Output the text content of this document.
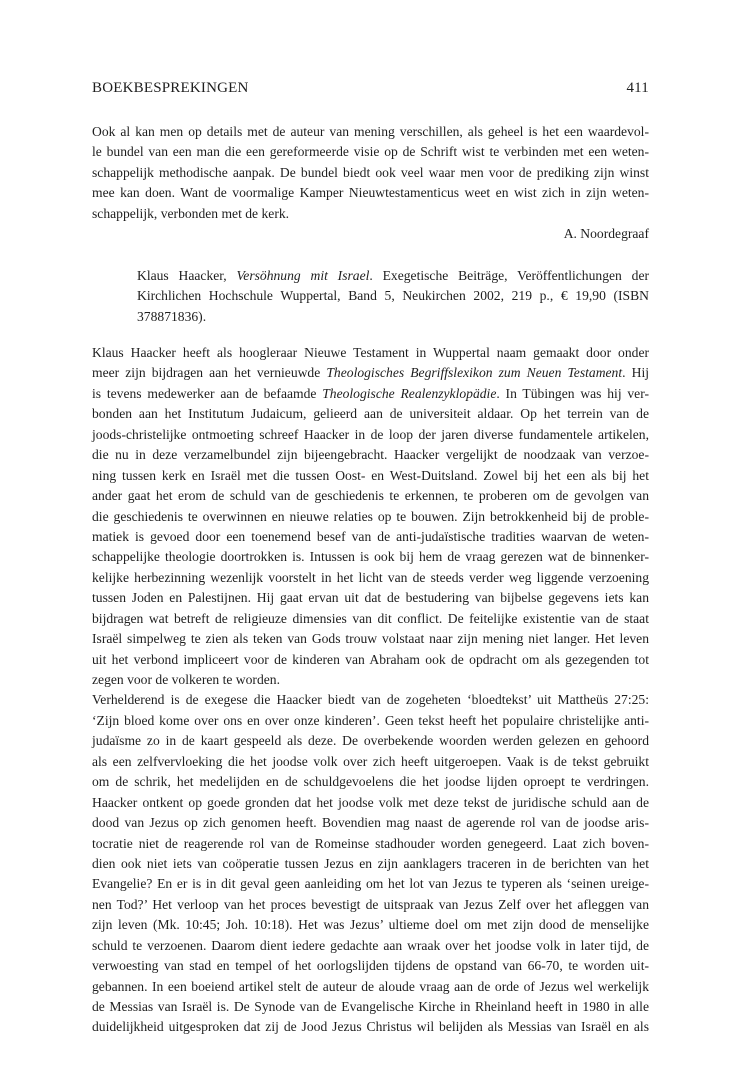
BOEKBESPREKINGEN	411
Ook al kan men op details met de auteur van mening verschillen, als geheel is het een waardevol-
le bundel van een man die een gereformeerde visie op de Schrift wist te verbinden met een weten-
schappelijk methodische aanpak. De bundel biedt ook veel waar men voor de prediking zijn winst
mee kan doen. Want de voormalige Kamper Nieuwtestamenticus weet en wist zich in zijn weten-
schappelijk, verbonden met de kerk.
A. Noordegraaf
Klaus Haacker, Versöhnung mit Israel. Exegetische Beiträge, Veröffentlichungen der
Kirchlichen Hochschule Wuppertal, Band 5, Neukirchen 2002, 219 p., € 19,90 (ISBN
378871836).
Klaus Haacker heeft als hoogleraar Nieuwe Testament in Wuppertal naam gemaakt door onder
meer zijn bijdragen aan het vernieuwde Theologisches Begriffslexikon zum Neuen Testament. Hij
is tevens medewerker aan de befaamde Theologische Realenzyklopädie. In Tübingen was hij ver-
bonden aan het Institutum Judaicum, gelieerd aan de universiteit aldaar. Op het terrein van de
joods-christelijke ontmoeting schreef Haacker in de loop der jaren diverse fundamentele artikelen,
die nu in deze verzamelbundel zijn bijeengebracht. Haacker vergelijkt de noodzaak van verzoe-
ning tussen kerk en Israël met die tussen Oost- en West-Duitsland. Zowel bij het een als bij het
ander gaat het erom de schuld van de geschiedenis te erkennen, te proberen om de gevolgen van
die geschiedenis te overwinnen en nieuwe relaties op te bouwen. Zijn betrokkenheid bij de proble-
matiek is gevoed door een toenemend besef van de anti-judaïstische tradities waarvan de weten-
schappelijke theologie doortrokken is. Intussen is ook bij hem de vraag gerezen wat de binnenker-
kelijke herbezinning wezenlijk voorstelt in het licht van de steeds verder weg liggende verzoening
tussen Joden en Palestijnen. Hij gaat ervan uit dat de bestudering van bijbelse gegevens iets kan
bijdragen wat betreft de religieuze dimensies van dit conflict. De feitelijke existentie van de staat
Israël simpelweg te zien als teken van Gods trouw volstaat naar zijn mening niet langer. Het leven
uit het verbond impliceert voor de kinderen van Abraham ook de opdracht om als gezegenden tot
zegen voor de volkeren te worden.
Verhelderend is de exegese die Haacker biedt van de zogeheten ‘bloedtekst’ uit Mattheüs 27:25:
‘Zijn bloed kome over ons en over onze kinderen’. Geen tekst heeft het populaire christelijke anti-
judaïsme zo in de kaart gespeeld als deze. De overbekende woorden werden gelezen en gehoord
als een zelfvervloeking die het joodse volk over zich heeft uitgeroepen. Vaak is de tekst gebruikt
om de schrik, het medelijden en de schuldgevoelens die het joodse lijden oproept te verdringen.
Haacker ontkent op goede gronden dat het joodse volk met deze tekst de juridische schuld aan de
dood van Jezus op zich genomen heeft. Bovendien mag naast de agerende rol van de joodse aris-
tocratie niet de reagerende rol van de Romeinse stadhouder worden genegeerd. Laat zich boven-
dien ook niet iets van coöperatie tussen Jezus en zijn aanklagers traceren in de berichten van het
Evangelie? En er is in dit geval geen aanleiding om het lot van Jezus te typeren als ‘seinen ureige-
nen Tod?’ Het verloop van het proces bevestigt de uitspraak van Jezus Zelf over het afleggen van
zijn leven (Mk. 10:45; Joh. 10:18). Het was Jezus’ ultieme doel om met zijn dood de menselijke
schuld te verzoenen. Daarom dient iedere gedachte aan wraak over het joodse volk in later tijd, de
verwoesting van stad en tempel of het oorlogslijden tijdens de opstand van 66-70, te worden uit-
gebannen. In een boeiend artikel stelt de auteur de aloude vraag aan de orde of Jezus wel werkelijk
de Messias van Israël is. De Synode van de Evangelische Kirche in Rheinland heeft in 1980 in alle
duidelijkheid uitgesproken dat zij de Jood Jezus Christus wil belijden als Messias van Israël en als
